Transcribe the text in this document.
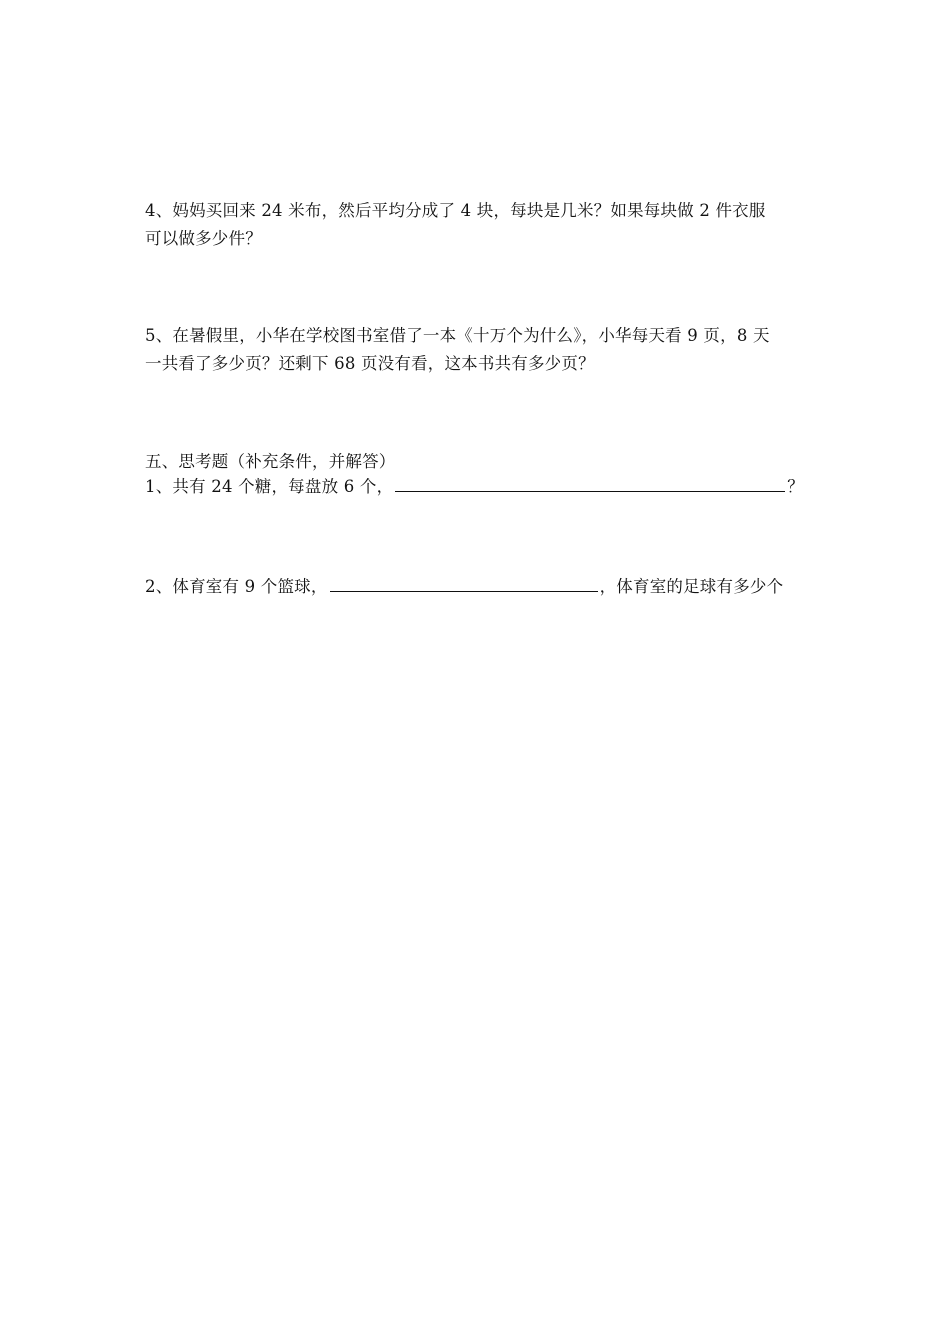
4、妈妈买回来 24 米布，然后平均分成了 4 块，每块是几米？如果每块做 2 件衣服
可以做多少件？
5、在暑假里，小华在学校图书室借了一本《十万个为什么》，小华每天看 9 页，8 天
一共看了多少页？还剩下 68 页没有看，这本书共有多少页？
五、思考题（补充条件，并解答）
1、共有 24 个糖，每盘放 6 个，	？
2、体育室有 9 个篮球，	，体育室的足球有多少个
